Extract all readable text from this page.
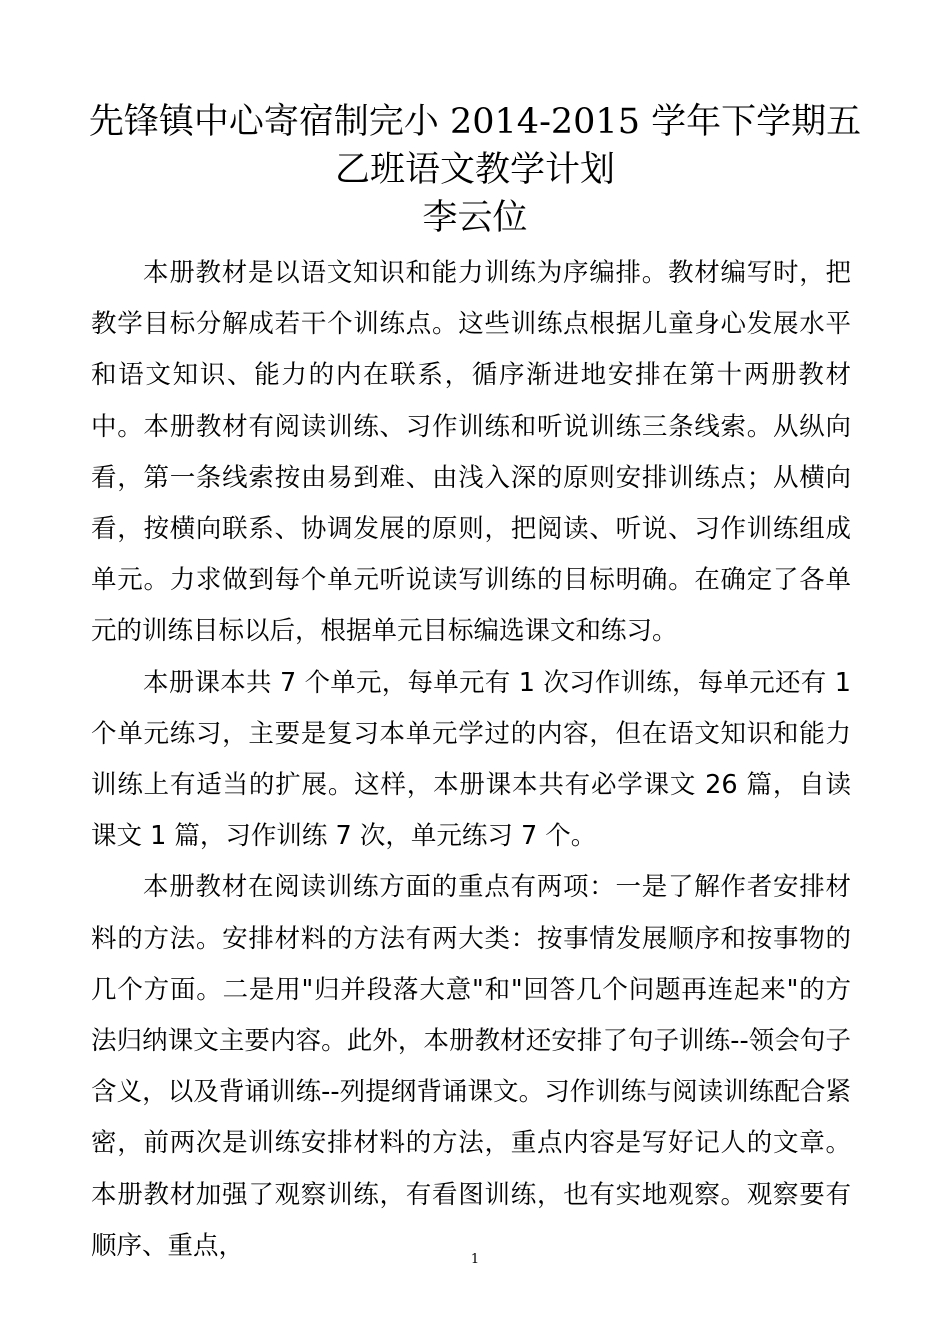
先锋镇中心寄宿制完小 2014-2015 学年下学期五
乙班语文教学计划
李云位

本册教材是以语文知识和能力训练为序编排。教材编写时，把教学目标分解成若干个训练点。这些训练点根据儿童身心发展水平和语文知识、能力的内在联系，循序渐进地安排在第十两册教材中。本册教材有阅读训练、习作训练和听说训练三条线索。从纵向看，第一条线索按由易到难、由浅入深的原则安排训练点；从横向看，按横向联系、协调发展的原则，把阅读、听说、习作训练组成单元。力求做到每个单元听说读写训练的目标明确。在确定了各单元的训练目标以后，根据单元目标编选课文和练习。

本册课本共 7 个单元，每单元有 1 次习作训练，每单元还有 1 个单元练习，主要是复习本单元学过的内容，但在语文知识和能力训练上有适当的扩展。这样，本册课本共有必学课文 26 篇，自读课文 1 篇，习作训练 7 次，单元练习 7 个。

本册教材在阅读训练方面的重点有两项：一是了解作者安排材料的方法。安排材料的方法有两大类：按事情发展顺序和按事物的几个方面。二是用"归并段落大意"和"回答几个问题再连起来"的方法归纳课文主要内容。此外，本册教材还安排了句子训练--领会句子含义，以及背诵训练--列提纲背诵课文。习作训练与阅读训练配合紧密，前两次是训练安排材料的方法，重点内容是写好记人的文章。本册教材加强了观察训练，有看图训练，也有实地观察。观察要有顺序、重点，	1
